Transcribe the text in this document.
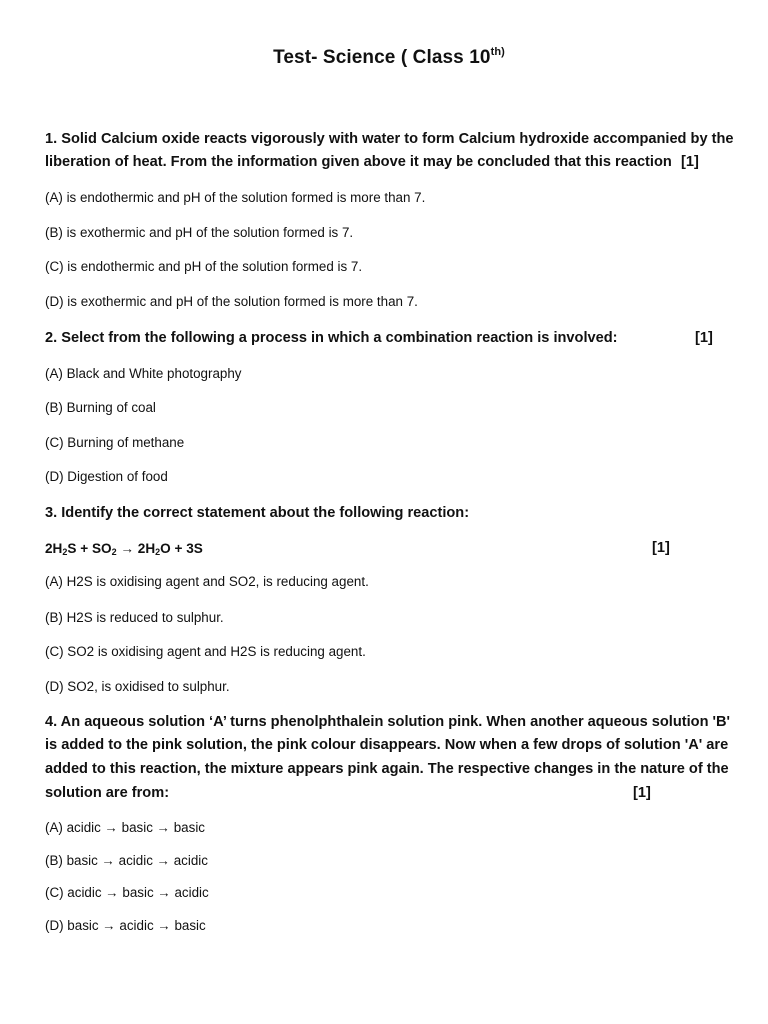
Test- Science ( Class $10^{th)}$
1. Solid Calcium oxide reacts vigorously with water to form Calcium hydroxide accompanied by the
liberation of heat. From the information given above it may be concluded that this reaction [1]
(A) is endothermic and pH of the solution formed is more than 7.
(B) is exothermic and pH of the solution formed is 7.
(C) is endothermic and pH of the solution formed is 7.
(D) is exothermic and pH of the solution formed is more than 7.
2. Select from the following a process in which a combination reaction is involved:	[1]
(A) Black and White photography
(B) Burning of coal
(C) Burning of methane
(D) Digestion of food
3. Identify the correct statement about the following reaction:
$2H_2S + SO_2 \to 2H_2O + 3S$	[1]
(A) H2S is oxidising agent and SO2, is reducing agent.
(B) H2S is reduced to sulphur.
(C) SO2 is oxidising agent and H2S is reducing agent.
(D) SO2, is oxidised to sulphur.
4. An aqueous solution ‘A’ turns phenolphthalein solution pink. When another aqueous solution 'B'
is added to the pink solution, the pink colour disappears. Now when a few drops of solution 'A' are
added to this reaction, the mixture appears pink again. The respective changes in the nature of the
solution are from:	[1]
(A) acidic → basic → basic
(B) basic → acidic → acidic
(C) acidic → basic → acidic
(D) basic → acidic → basic
